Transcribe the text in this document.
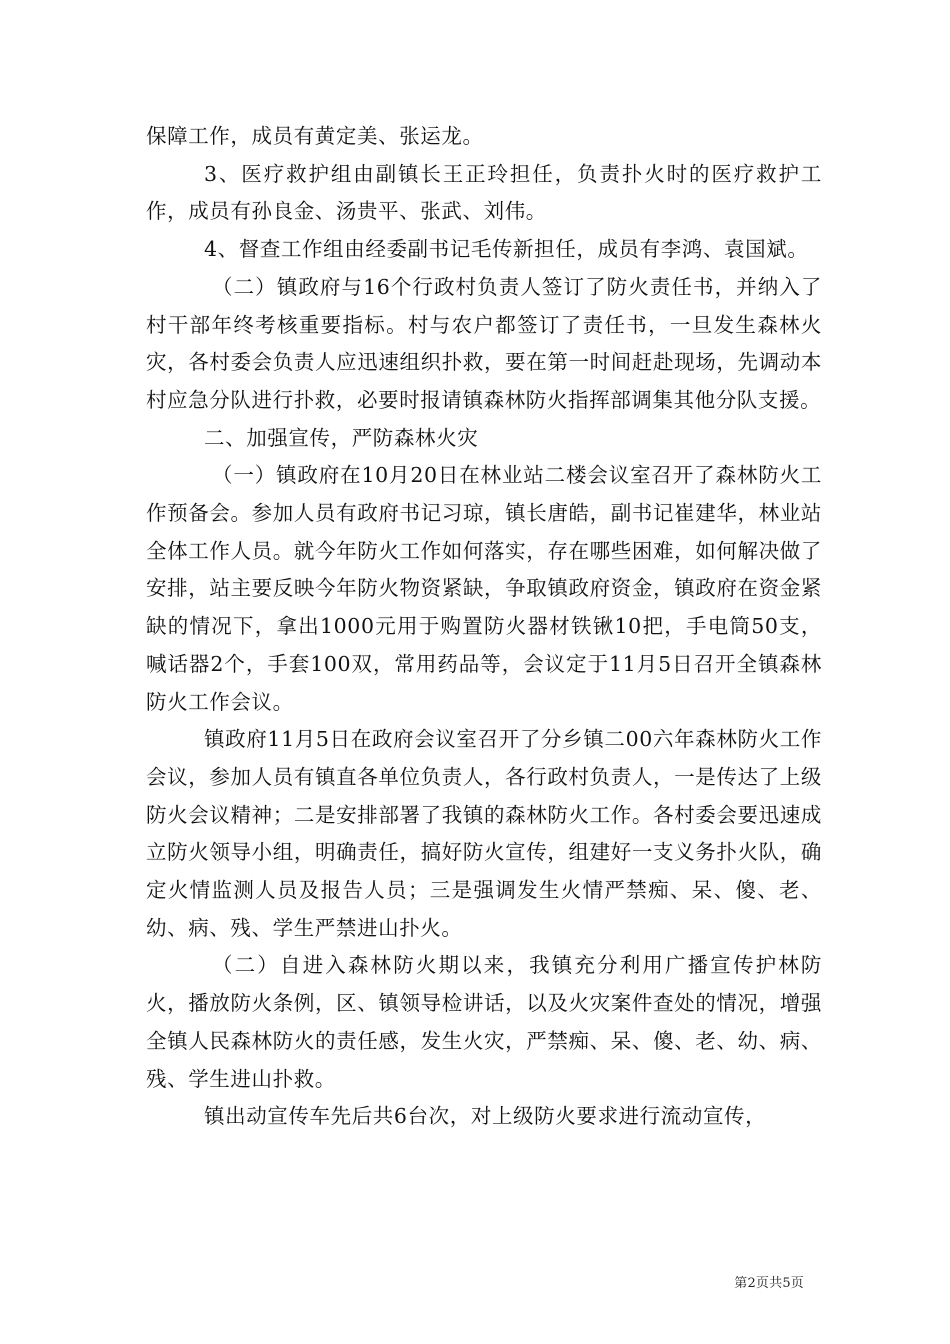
保障工作，成员有黄定美、张运龙。

3、医疗救护组由副镇长王正玲担任，负责扑火时的医疗救护工作，成员有孙良金、汤贵平、张武、刘伟。

4、督查工作组由经委副书记毛传新担任，成员有李鸿、袁国斌。

（二）镇政府与16个行政村负责人签订了防火责任书，并纳入了村干部年终考核重要指标。村与农户都签订了责任书，一旦发生森林火灾，各村委会负责人应迅速组织扑救，要在第一时间赶赴现场，先调动本村应急分队进行扑救，必要时报请镇森林防火指挥部调集其他分队支援。

二、加强宣传，严防森林火灾

（一）镇政府在10月20日在林业站二楼会议室召开了森林防火工作预备会。参加人员有政府书记习琼，镇长唐皓，副书记崔建华，林业站全体工作人员。就今年防火工作如何落实，存在哪些困难，如何解决做了安排，站主要反映今年防火物资紧缺，争取镇政府资金，镇政府在资金紧缺的情况下，拿出1000元用于购置防火器材铁锹10把，手电筒50支，喊话器2个，手套100双，常用药品等，会议定于11月5日召开全镇森林防火工作会议。

镇政府11月5日在政府会议室召开了分乡镇二00六年森林防火工作会议，参加人员有镇直各单位负责人，各行政村负责人，一是传达了上级防火会议精神；二是安排部署了我镇的森林防火工作。各村委会要迅速成立防火领导小组，明确责任，搞好防火宣传，组建好一支义务扑火队，确定火情监测人员及报告人员；三是强调发生火情严禁痴、呆、傻、老、幼、病、残、学生严禁进山扑火。

（二）自进入森林防火期以来，我镇充分利用广播宣传护林防火，播放防火条例，区、镇领导检讲话，以及火灾案件查处的情况，增强全镇人民森林防火的责任感，发生火灾，严禁痴、呆、傻、老、幼、病、残、学生进山扑救。

镇出动宣传车先后共6台次，对上级防火要求进行流动宣传，

第2页共5页
